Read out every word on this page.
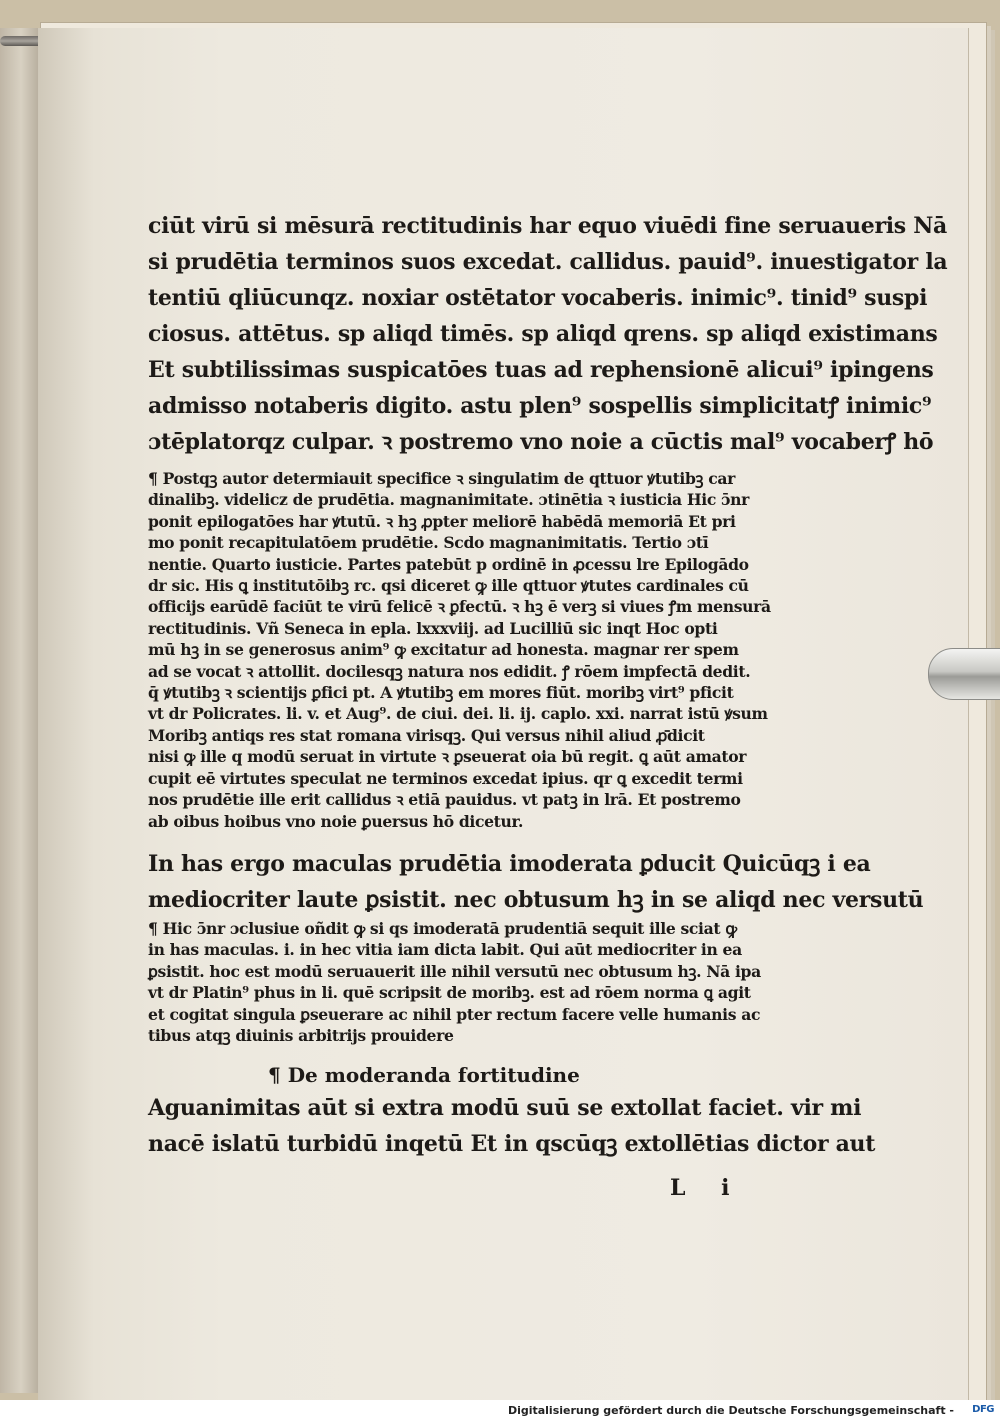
ciūt virū si mēsurā rectitudinis har equo viuēdi fine seruaueris Nā
si prudētia terminos suos excedat. callidus. pauid⁹. inuestigator la
tentiū qliūcunqz. noxiar ostētator vocaberis. inimic⁹. tinid⁹ suspi
ciosus. attētus. sp aliqd timēs. sp aliqd qrens. sp aliqd existimans
Et subtilissimas suspicatōes tuas ad rephensionē alicui⁹ ipingens
admisso notaberis digito. astu plen⁹ sospellis simplicitatꝭ inimic⁹
ɔtēplatorqz culpar. ꝛ postremo vno noie a cūctis mal⁹ vocaberꝭ hō
¶ Postqꝫ autor determiauit specifice ꝛ singulatim de qttuor ꝟtutibꝫ car
dinalibꝫ. videlicz de prudētia. magnanimitate. ɔtinētia ꝛ iusticia Hic ɔ̄nr
ponit epilogatōes har ꝟtutū. ꝛ hꝫ ꝓpter meliorē habēdā memoriā Et pri
mo ponit recapitulatōem prudētie. Scdo magnanimitatis. Tertio ɔtī
nentie. Quarto iusticie. Partes patebūt p ordinē in ꝓcessu lre Epilogādo
dr sic. His ꝗ institutōibꝫ rc. qsi diceret ꝙ ille qttuor ꝟtutes cardinales cū
officijs earūdē faciūt te virū felicē ꝛ ꝑfectū. ꝛ hꝫ ē verꝫ si viues ꝭm mensurā
rectitudinis. Vñ Seneca in epla. lxxxviij. ad Lucilliū sic inqt Hoc opti
mū hꝫ in se generosus anim⁹ ꝙ excitatur ad honesta. magnar rer spem
ad se vocat ꝛ attollit. docilesqꝫ natura nos edidit. ꝭ rōem impfectā dedit.
q̄ ꝟtutibꝫ ꝛ scientijs ꝑfici pt. A ꝟtutibꝫ em mores fiūt. moribꝫ virt⁹ pficit
vt dr Policrates. li. v. et Aug⁹. de ciui. dei. li. ij. caplo. xxi. narrat istū ꝟsum
Moribꝫ antiqs res stat romana virisqꝫ. Qui versus nihil aliud ꝓ̄dicit
nisi ꝙ ille q modū seruat in virtute ꝛ ꝑseuerat oia bū regit. ꝗ aūt amator
cupit eē virtutes speculat ne terminos excedat ipius. qr ꝗ excedit termi
nos prudētie ille erit callidus ꝛ etiā pauidus. vt patꝫ in lrā. Et postremo
ab oibus hoibus vno noie ꝑuersus hō dicetur.
In has ergo maculas prudētia imoderata ꝑducit Quicūqꝫ i ea
mediocriter laute ꝑsistit. nec obtusum hꝫ in se aliqd nec versutū
¶ Hic ɔ̄nr ɔclusiue oñdit ꝙ si qs imoderatā prudentiā sequit ille sciat ꝙ
in has maculas. i. in hec vitia iam dicta labit. Qui aūt mediocriter in ea
ꝑsistit. hoc est modū seruauerit ille nihil versutū nec obtusum hꝫ. Nā ipa
vt dr Platin⁹ phus in li. quē scripsit de moribꝫ. est ad rōem norma ꝗ agit
et cogitat singula ꝑseuerare ac nihil pter rectum facere velle humanis ac
tibus atqꝫ diuinis arbitrijs prouidere
¶ De moderanda fortitudine
Aguanimitas aūt si extra modū suū se extollat faciet. vir mi
nacē islatū turbidū inqetū Et in qscūqꝫ extollētias dictor aut
L i
Digitalisierung gefördert durch die Deutsche Forschungsgemeinschaft - DFG
